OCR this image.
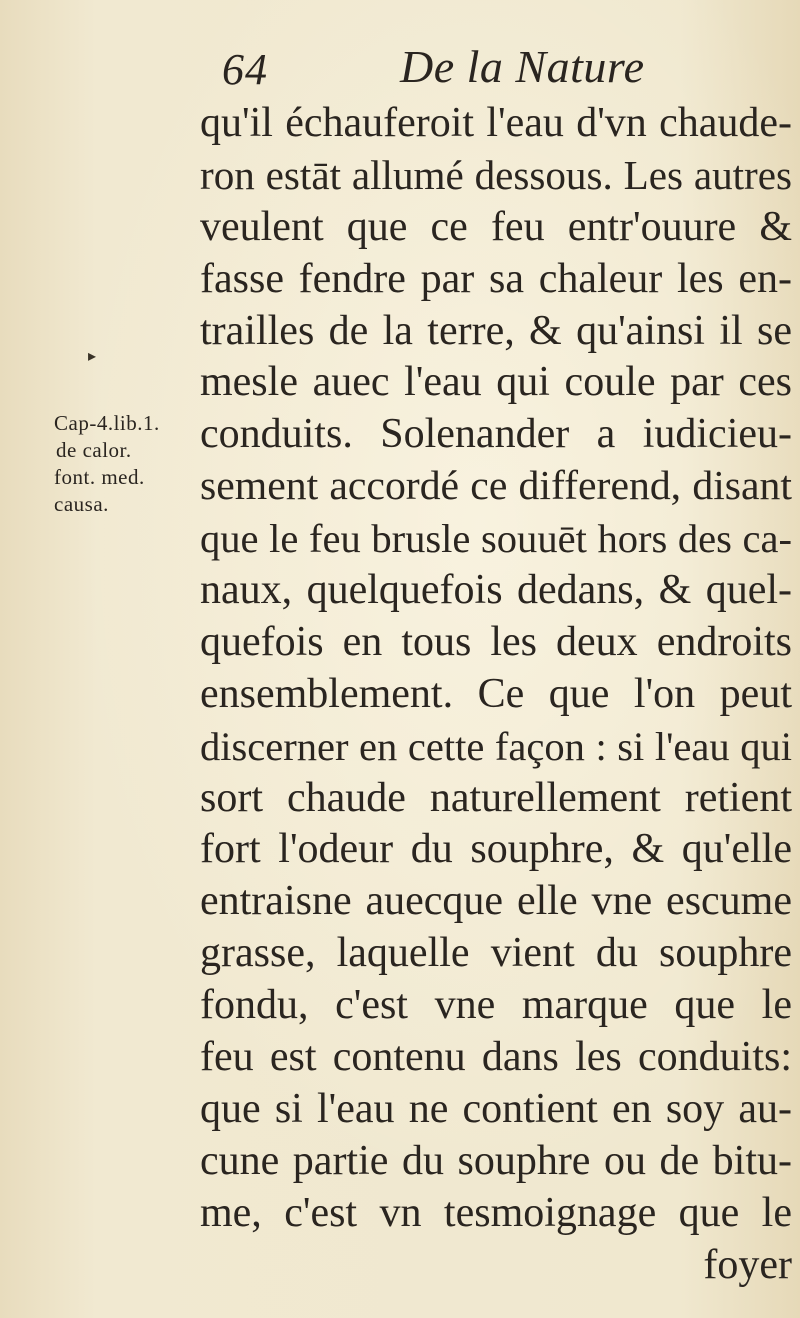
64	De la Nature
▸
Cap-4.lib.1.
de calor.
font. med.
causa.
qu'il échauferoit l'eau d'vn chaude-
ron estāt allumé dessous. Les autres
veulent que ce feu entr'ouure &
fasse fendre par sa chaleur les en-
trailles de la terre, & qu'ainsi il se
mesle auec l'eau qui coule par ces
conduits. Solenander a iudicieu-
sement accordé ce differend, disant
que le feu brusle souuēt hors des ca-
naux, quelquefois dedans, & quel-
quefois en tous les deux endroits
ensemblement. Ce que l'on peut
discerner en cette façon : si l'eau qui
sort chaude naturellement retient
fort l'odeur du souphre, & qu'elle
entraisne auecque elle vne escume
grasse, laquelle vient du souphre
fondu, c'est vne marque que le
feu est contenu dans les conduits:
que si l'eau ne contient en soy au-
cune partie du souphre ou de bitu-
me, c'est vn tesmoignage que le
foyer
